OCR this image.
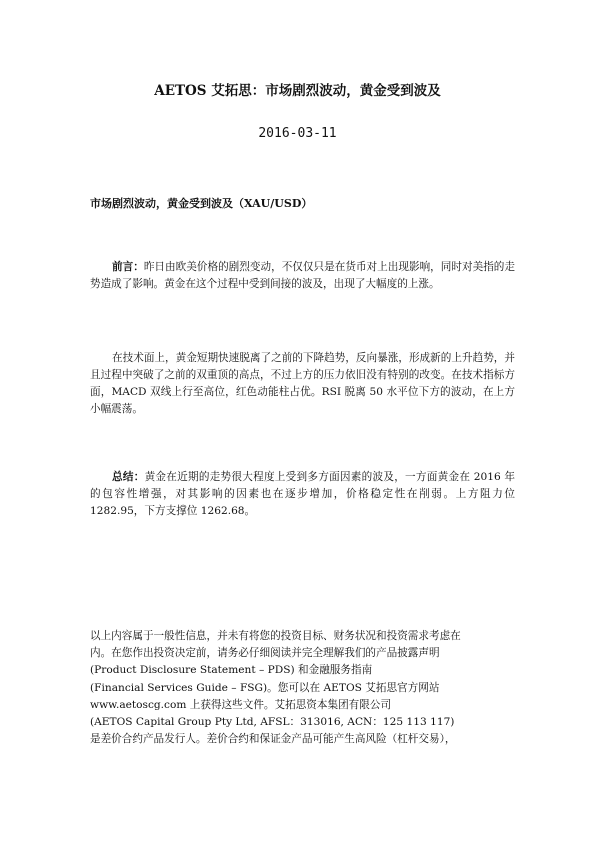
AETOS 艾拓思：市场剧烈波动，黄金受到波及
2016-03-11
市场剧烈波动，黄金受到波及（XAU/USD）
前言：昨日由欧美价格的剧烈变动，不仅仅只是在货币对上出现影响，同时对美指的走势造成了影响。黄金在这个过程中受到间接的波及，出现了大幅度的上涨。
在技术面上，黄金短期快速脱离了之前的下降趋势，反向暴涨，形成新的上升趋势，并且过程中突破了之前的双重顶的高点，不过上方的压力依旧没有特别的改变。在技术指标方面，MACD 双线上行至高位，红色动能柱占优。RSI 脱离 50 水平位下方的波动，在上方小幅震荡。
总结：黄金在近期的走势很大程度上受到多方面因素的波及，一方面黄金在 2016 年的包容性增强，对其影响的因素也在逐步增加，价格稳定性在削弱。上方阻力位 1282.95，下方支撑位 1262.68。
以上内容属于一般性信息，并未有将您的投资目标、财务状况和投资需求考虑在
内。在您作出投资决定前，请务必仔细阅读并完全理解我们的产品披露声明
(Product Disclosure Statement – PDS) 和金融服务指南
(Financial Services Guide – FSG)。您可以在 AETOS 艾拓思官方网站
www.aetoscg.com 上获得这些文件。艾拓思资本集团有限公司
(AETOS Capital Group Pty Ltd, AFSL：313016, ACN：125 113 117)
是差价合约产品发行人。差价合约和保证金产品可能产生高风险（杠杆交易），
